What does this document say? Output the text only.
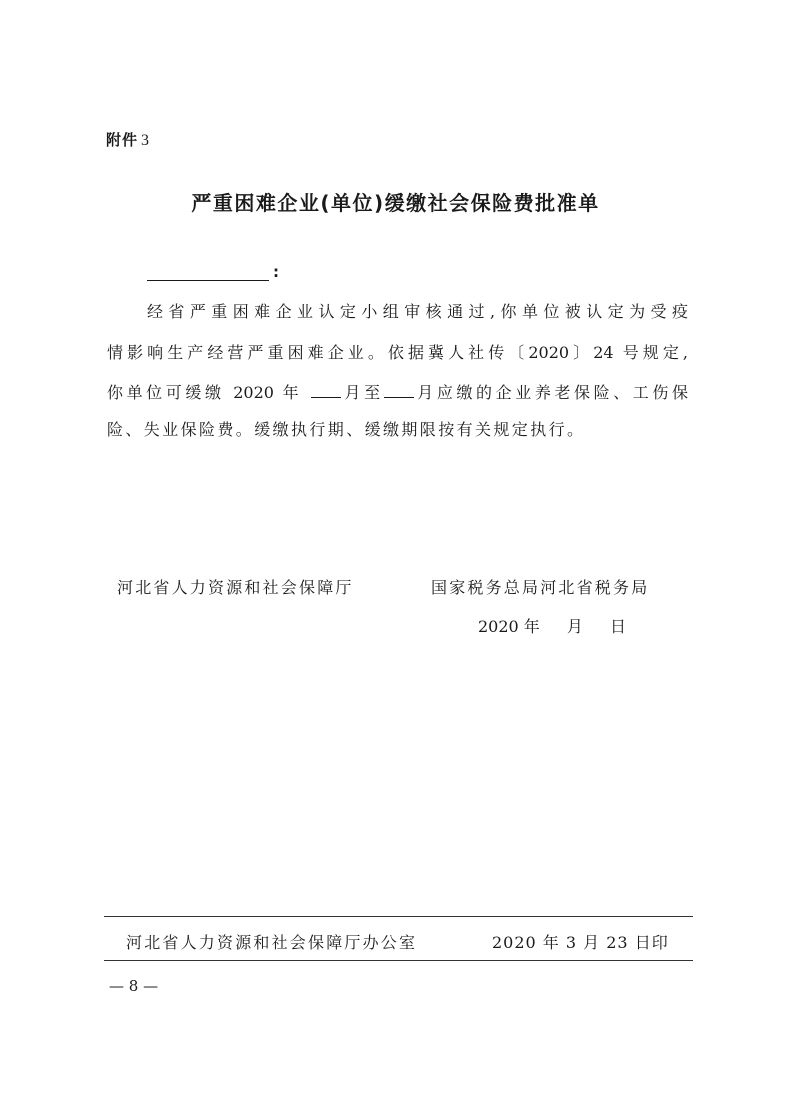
附件 3
严重困难企业(单位)缓缴社会保险费批准单
:
经省严重困难企业认定小组审核通过,你单位被认定为受疫
情影响生产经营严重困难企业。依据冀人社传〔2020〕24 号规定,
你单位可缓缴 2020 年 月至 月应缴的企业养老保险、工伤保
险、失业保险费。缓缴执行期、缓缴期限按有关规定执行。
河北省人力资源和社会保障厅	国家税务总局河北省税务局
2020 年 月 日
河北省人力资源和社会保障厅办公室	2020 年 3 月 23 日印
— 8 —
